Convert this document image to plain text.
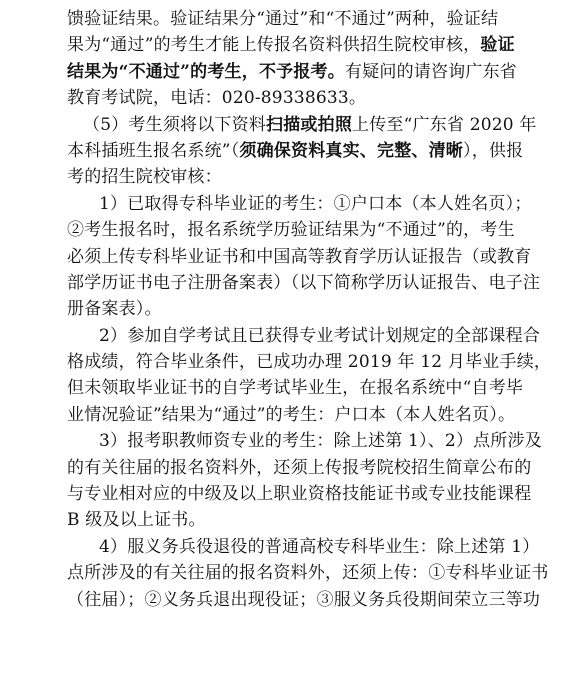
馈验证结果。验证结果分“通过”和“不通过”两种，验证结
果为“通过”的考生才能上传报名资料供招生院校审核，验证
结果为“不通过”的考生，不予报考。有疑问的请咨询广东省
教育考试院，电话：020-89338633。
（5）考生须将以下资料扫描或拍照上传至“广东省 2020 年
本科插班生报名系统”（须确保资料真实、完整、清晰），供报
考的招生院校审核：
1）已取得专科毕业证的考生：①户口本（本人姓名页）；
②考生报名时，报名系统学历验证结果为“不通过”的，考生
必须上传专科毕业证书和中国高等教育学历认证报告（或教育
部学历证书电子注册备案表）（以下简称学历认证报告、电子注
册备案表）。
2）参加自学考试且已获得专业考试计划规定的全部课程合
格成绩，符合毕业条件，已成功办理 2019 年 12 月毕业手续，
但未领取毕业证书的自学考试毕业生，在报名系统中“自考毕
业情况验证”结果为“通过”的考生：户口本（本人姓名页）。
3）报考职教师资专业的考生：除上述第 1）、2）点所涉及
的有关往届的报名资料外，还须上传报考院校招生简章公布的
与专业相对应的中级及以上职业资格技能证书或专业技能课程
B 级及以上证书。
4）服义务兵役退役的普通高校专科毕业生：除上述第 1）
点所涉及的有关往届的报名资料外，还须上传：①专科毕业证书
（往届）；②义务兵退出现役证；③服义务兵役期间荣立三等功
